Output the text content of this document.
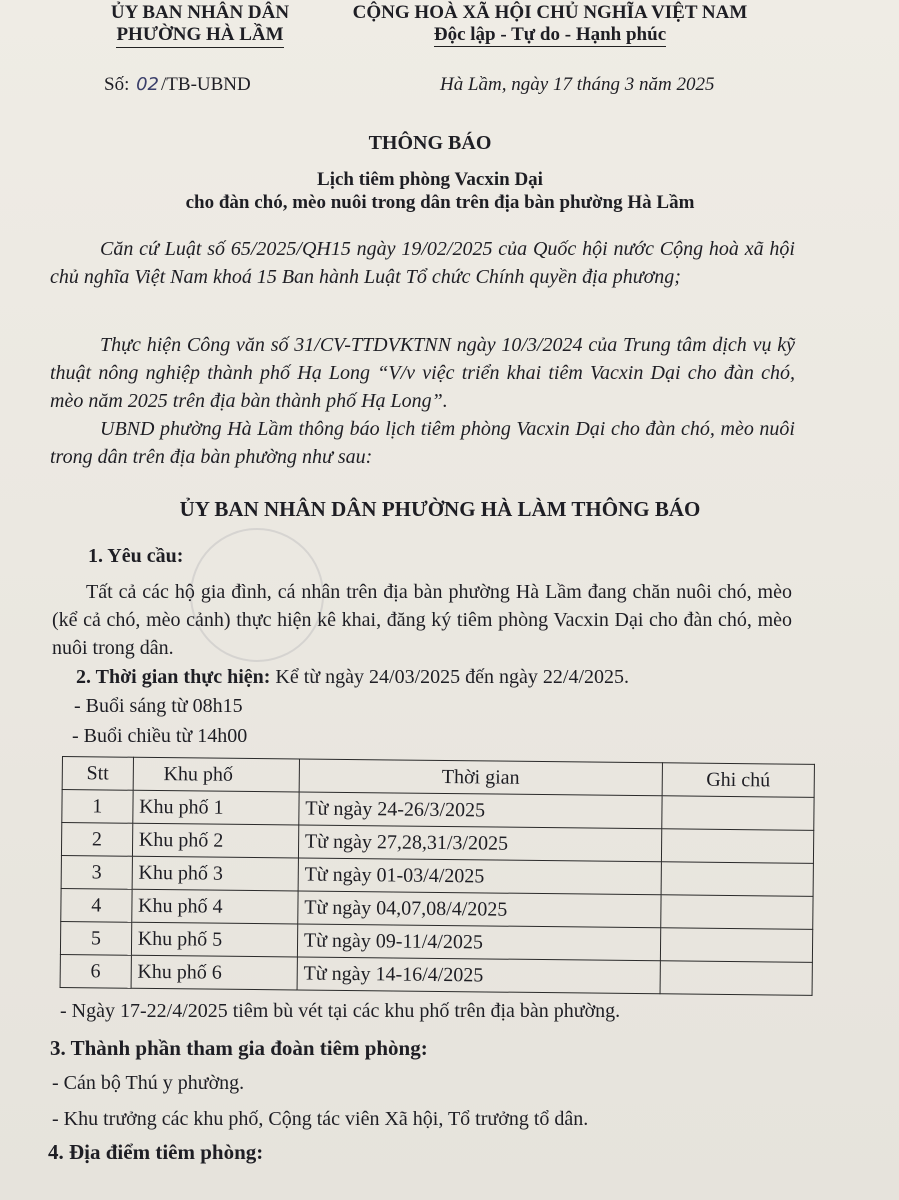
ỦY BAN NHÂN DÂN
PHƯỜNG HÀ LẦM
CỘNG HOÀ XÃ HỘI CHỦ NGHĨA VIỆT NAM
Độc lập - Tự do - Hạnh phúc
Số: 02 /TB-UBND	Hà Lầm, ngày 17 tháng 3 năm 2025
THÔNG BÁO
Lịch tiêm phòng Vacxin Dại
cho đàn chó, mèo nuôi trong dân trên địa bàn phường Hà Lầm
Căn cứ Luật số 65/2025/QH15 ngày 19/02/2025 của Quốc hội nước Cộng hoà xã hội chủ nghĩa Việt Nam khoá 15 Ban hành Luật Tổ chức Chính quyền địa phương;
Thực hiện Công văn số 31/CV-TTDVKTNN ngày 10/3/2024 của Trung tâm dịch vụ kỹ thuật nông nghiệp thành phố Hạ Long “V/v việc triển khai tiêm Vacxin Dại cho đàn chó, mèo năm 2025 trên địa bàn thành phố Hạ Long”.
UBND phường Hà Lầm thông báo lịch tiêm phòng Vacxin Dại cho đàn chó, mèo nuôi trong dân trên địa bàn phường như sau:
ỦY BAN NHÂN DÂN PHƯỜNG HÀ LÀM THÔNG BÁO
1. Yêu cầu:
Tất cả các hộ gia đình, cá nhân trên địa bàn phường Hà Lầm đang chăn nuôi chó, mèo (kể cả chó, mèo cảnh) thực hiện kê khai, đăng ký tiêm phòng Vacxin Dại cho đàn chó, mèo nuôi trong dân.
2. Thời gian thực hiện: Kể từ ngày 24/03/2025 đến ngày 22/4/2025.
- Buổi sáng từ 08h15
- Buổi chiều từ 14h00
Stt	Khu phố	Thời gian	Ghi chú
1	Khu phố 1	Từ ngày 24-26/3/2025	
2	Khu phố 2	Từ ngày 27,28,31/3/2025	
3	Khu phố 3	Từ ngày 01-03/4/2025	
4	Khu phố 4	Từ ngày 04,07,08/4/2025	
5	Khu phố 5	Từ ngày 09-11/4/2025	
6	Khu phố 6	Từ ngày 14-16/4/2025	
- Ngày 17-22/4/2025 tiêm bù vét tại các khu phố trên địa bàn phường.
3. Thành phần tham gia đoàn tiêm phòng:
- Cán bộ Thú y phường.
- Khu trưởng các khu phố, Cộng tác viên Xã hội, Tổ trưởng tổ dân.
4. Địa điểm tiêm phòng:
